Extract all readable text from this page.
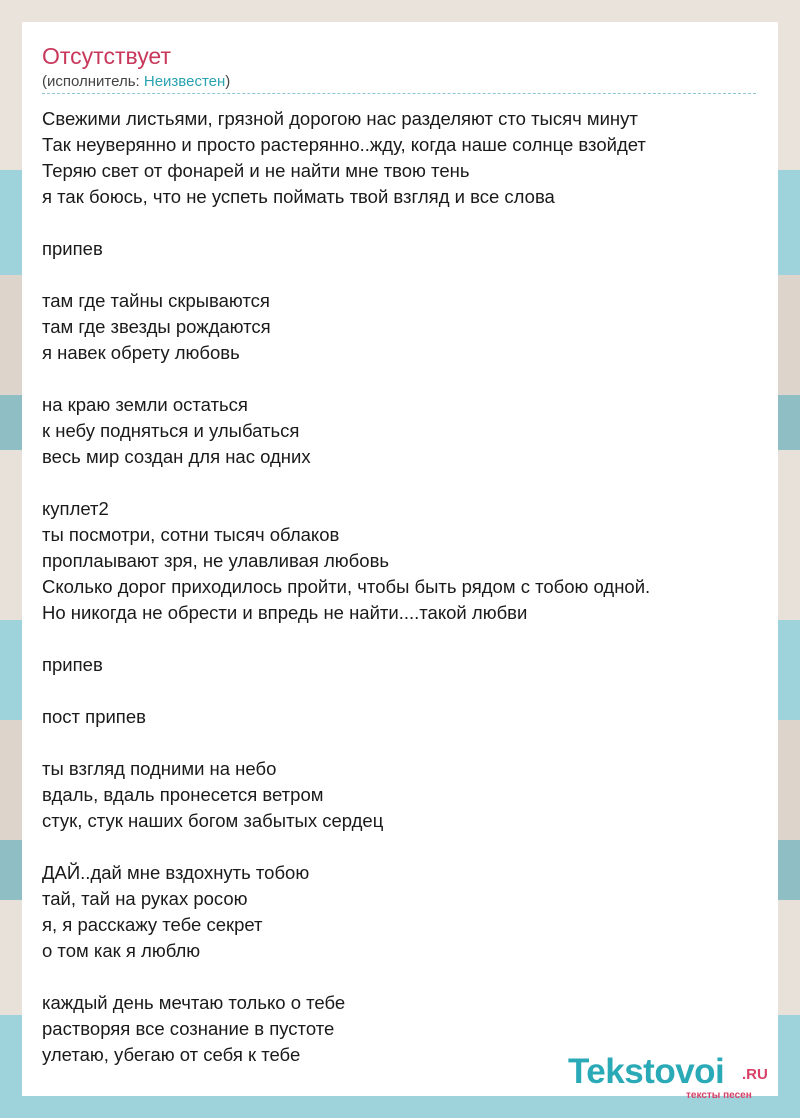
Отсутствует
(исполнитель: Неизвестен)
Свежими листьями, грязной дорогою нас разделяют сто тысяч минут
Так неуверянно и просто растерянно..жду, когда наше солнце взойдет
Теряю свет от фонарей и не найти мне твою тень
я так боюсь, что не успеть поймать твой взгляд и все слова
припев
там где тайны скрываются
там где звезды рождаются
я навек обрету любовь
на краю земли остаться
к небу подняться и улыбаться
весь мир создан для нас одних
куплет2
ты посмотри, сотни тысяч облаков
проплаывают зря, не улавливая любовь
Сколько дорог приходилось пройти, чтобы быть рядом с тобою одной.
Но никогда не обрести и впредь не найти....такой любви
припев
пост припев
ты взгляд подними на небо
вдаль, вдаль пронесется ветром
стук, стук наших богом забытых сердец
ДАЙ..дай мне вздохнуть тобою
тай, тай на руках росою
я, я расскажу тебе секрет
о том как я люблю
каждый день мечтаю только о тебе
растворяя все сознание в пустоте
улетаю, убегаю от себя к тебе	Tekstovoi .RU
тексты песен
